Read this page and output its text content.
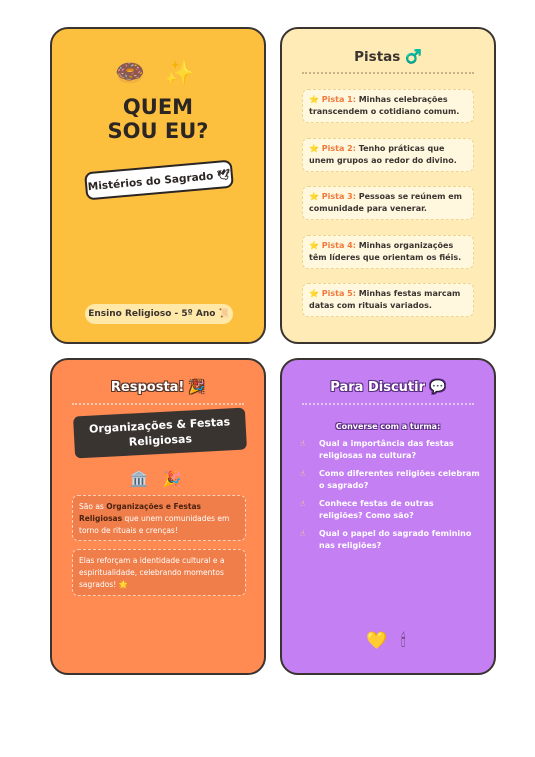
🍩 ✨
QUEM
SOU EU?
Mistérios do Sagrado 🕊
Ensino Religioso - 5º Ano 📜
Pistas ♂️
⭐ Pista 1: Minhas celebrações transcendem o cotidiano comum.
⭐ Pista 2: Tenho práticas que unem grupos ao redor do divino.
⭐ Pista 3: Pessoas se reúnem em comunidade para venerar.
⭐ Pista 4: Minhas organizações têm líderes que orientam os fiéis.
⭐ Pista 5: Minhas festas marcam datas com rituais variados.
Resposta! 🎉
Organizações & Festas Religiosas
🏛️ 🎉
São as Organizações e Festas Religiosas que unem comunidades em torno de rituais e crenças!
Elas reforçam a identidade cultural e a espiritualidade, celebrando momentos sagrados! 🌟
Para Discutir 💬
Converse com a turma:
☝	Qual a importância das festas religiosas na cultura?
☝	Como diferentes religiões celebram o sagrado?
☝	Conhece festas de outras religiões? Como são?
☝	Qual o papel do sagrado feminino nas religiões?
💛 🕯
